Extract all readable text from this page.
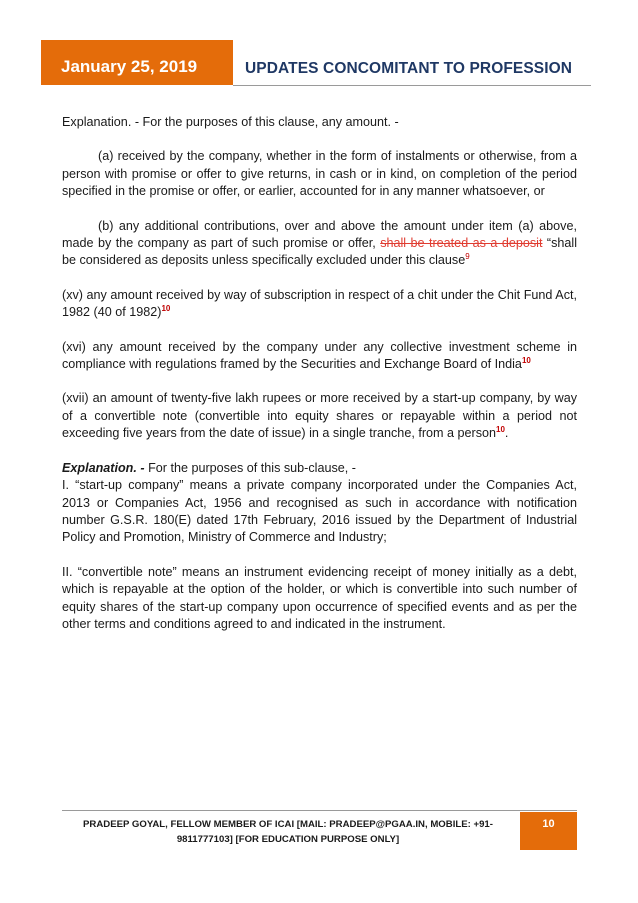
January 25, 2019	UPDATES CONCOMITANT TO PROFESSION

Explanation. - For the purposes of this clause, any amount. -

(a) received by the company, whether in the form of instalments or otherwise, from a person with promise or offer to give returns, in cash or in kind, on completion of the period specified in the promise or offer, or earlier, accounted for in any manner whatsoever, or

(b) any additional contributions, over and above the amount under item (a) above, made by the company as part of such promise or offer, shall be treated as a deposit “shall be considered as deposits unless specifically excluded under this clause$^9$

(xv) any amount received by way of subscription in respect of a chit under the Chit Fund Act, 1982 (40 of 1982)$^{10}$

(xvi) any amount received by the company under any collective investment scheme in compliance with regulations framed by the Securities and Exchange Board of India$^{10}$

(xvii) an amount of twenty-five lakh rupees or more received by a start-up company, by way of a convertible note (convertible into equity shares or repayable within a period not exceeding five years from the date of issue) in a single tranche, from a person$^{10}$.

Explanation. - For the purposes of this sub-clause, -

I. “start-up company” means a private company incorporated under the Companies Act, 2013 or Companies Act, 1956 and recognised as such in accordance with notification number G.S.R. 180(E) dated 17th February, 2016 issued by the Department of Industrial Policy and Promotion, Ministry of Commerce and Industry;

II. “convertible note” means an instrument evidencing receipt of money initially as a debt, which is repayable at the option of the holder, or which is convertible into such number of equity shares of the start-up company upon occurrence of specified events and as per the other terms and conditions agreed to and indicated in the instrument.

PRADEEP GOYAL, FELLOW MEMBER OF ICAI [MAIL: PRADEEP@PGAA.IN, MOBILE: +91-9811777103] [FOR EDUCATION PURPOSE ONLY]
10
